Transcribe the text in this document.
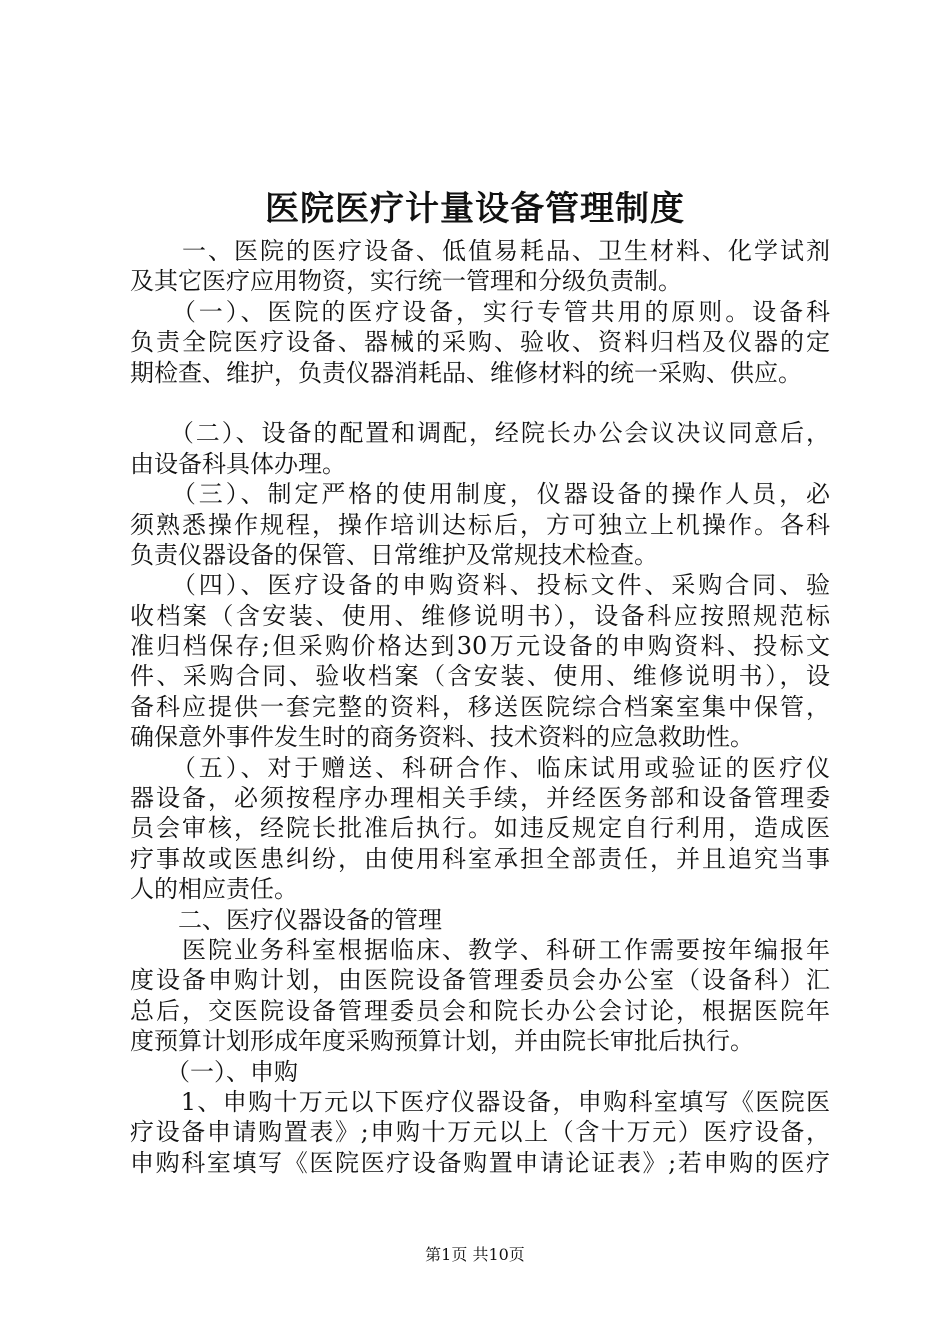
医院医疗计量设备管理制度
　　一、医院的医疗设备、低值易耗品、卫生材料、化学试剂
及其它医疗应用物资，实行统一管理和分级负责制。
　　（一）、医院的医疗设备，实行专管共用的原则。设备科
负责全院医疗设备、器械的采购、验收、资料归档及仪器的定
期检查、维护，负责仪器消耗品、维修材料的统一采购、供应。
　　（二）、设备的配置和调配，经院长办公会议决议同意后，
由设备科具体办理。
　　（三）、制定严格的使用制度，仪器设备的操作人员，必
须熟悉操作规程，操作培训达标后，方可独立上机操作。各科
负责仪器设备的保管、日常维护及常规技术检查。
　　（四）、医疗设备的申购资料、投标文件、采购合同、验
收档案（含安装、使用、维修说明书），设备科应按照规范标
准归档保存;但采购价格达到30万元设备的申购资料、投标文
件、采购合同、验收档案（含安装、使用、维修说明书），设
备科应提供一套完整的资料，移送医院综合档案室集中保管，
确保意外事件发生时的商务资料、技术资料的应急救助性。
　　（五）、对于赠送、科研合作、临床试用或验证的医疗仪
器设备，必须按程序办理相关手续，并经医务部和设备管理委
员会审核，经院长批准后执行。如违反规定自行利用，造成医
疗事故或医患纠纷，由使用科室承担全部责任，并且追究当事
人的相应责任。
　　二、医疗仪器设备的管理
　　医院业务科室根据临床、教学、科研工作需要按年编报年
度设备申购计划，由医院设备管理委员会办公室（设备科）汇
总后，交医院设备管理委员会和院长办公会讨论，根据医院年
度预算计划形成年度采购预算计划，并由院长审批后执行。
　　（一）、申购
　　1、申购十万元以下医疗仪器设备，申购科室填写《医院医
疗设备申请购置表》;申购十万元以上（含十万元）医疗设备，
申购科室填写《医院医疗设备购置申请论证表》;若申购的医疗
第1页 共10页
